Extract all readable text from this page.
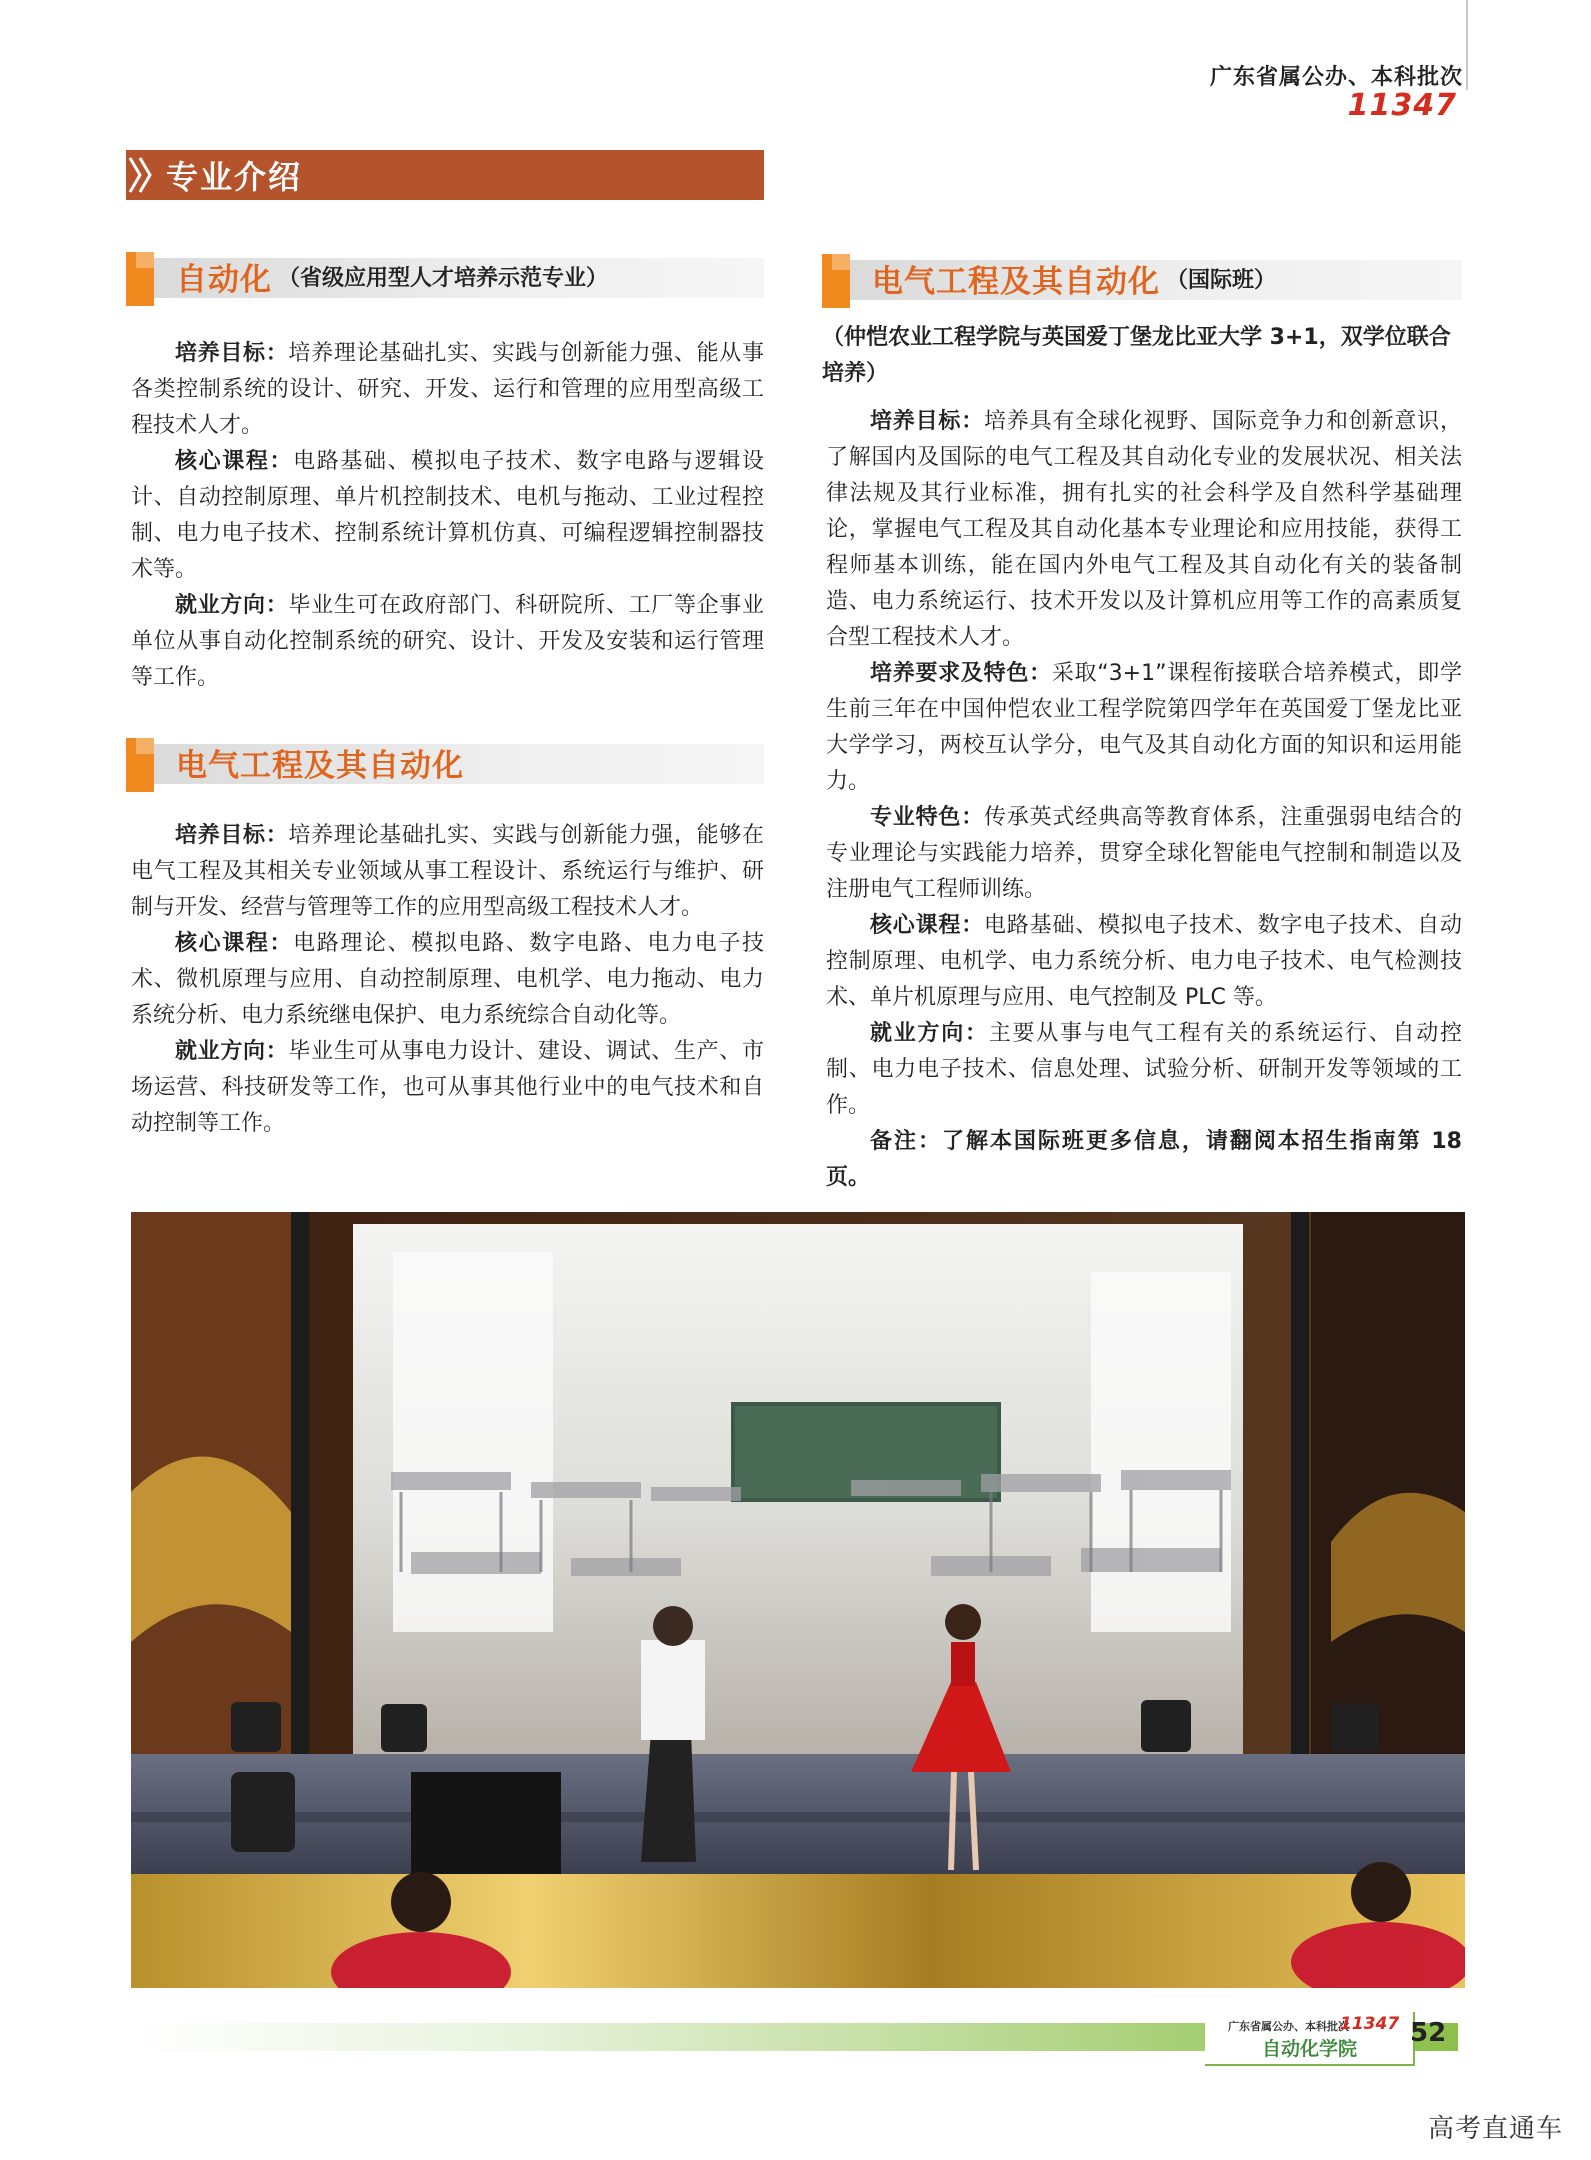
广东省属公办、本科批次
11347
专业介绍
自动化 （省级应用型人才培养示范专业）

培养目标：培养理论基础扎实、实践与创新能力强、能从事各类控制系统的设计、研究、开发、运行和管理的应用型高级工程技术人才。

核心课程：电路基础、模拟电子技术、数字电路与逻辑设计、自动控制原理、单片机控制技术、电机与拖动、工业过程控制、电力电子技术、控制系统计算机仿真、可编程逻辑控制器技术等。

就业方向：毕业生可在政府部门、科研院所、工厂等企事业单位从事自动化控制系统的研究、设计、开发及安装和运行管理等工作。

电气工程及其自动化

培养目标：培养理论基础扎实、实践与创新能力强，能够在电气工程及其相关专业领域从事工程设计、系统运行与维护、研制与开发、经营与管理等工作的应用型高级工程技术人才。

核心课程：电路理论、模拟电路、数字电路、电力电子技术、微机原理与应用、自动控制原理、电机学、电力拖动、电力系统分析、电力系统继电保护、电力系统综合自动化等。

就业方向：毕业生可从事电力设计、建设、调试、生产、市场运营、科技研发等工作，也可从事其他行业中的电气技术和自动控制等工作。

电气工程及其自动化 （国际班）
（仲恺农业工程学院与英国爱丁堡龙比亚大学 3+1，双学位联合培养）

培养目标：培养具有全球化视野、国际竞争力和创新意识，了解国内及国际的电气工程及其自动化专业的发展状况、相关法律法规及其行业标准，拥有扎实的社会科学及自然科学基础理论，掌握电气工程及其自动化基本专业理论和应用技能，获得工程师基本训练，能在国内外电气工程及其自动化有关的装备制造、电力系统运行、技术开发以及计算机应用等工作的高素质复合型工程技术人才。

培养要求及特色：采取“3+1”课程衔接联合培养模式，即学生前三年在中国仲恺农业工程学院第四学年在英国爱丁堡龙比亚大学学习，两校互认学分，电气及其自动化方面的知识和运用能力。

专业特色：传承英式经典高等教育体系，注重强弱电结合的专业理论与实践能力培养，贯穿全球化智能电气控制和制造以及注册电气工程师训练。

核心课程：电路基础、模拟电子技术、数字电子技术、自动控制原理、电机学、电力系统分析、电力电子技术、电气检测技术、单片机原理与应用、电气控制及 PLC 等。

就业方向：主要从事与电气工程有关的系统运行、自动控制、电力电子技术、信息处理、试验分析、研制开发等领域的工作。

备注：了解本国际班更多信息，请翻阅本招生指南第 18 页。

广东省属公办、本科批次
11347
自动化学院
52
高考直通车
